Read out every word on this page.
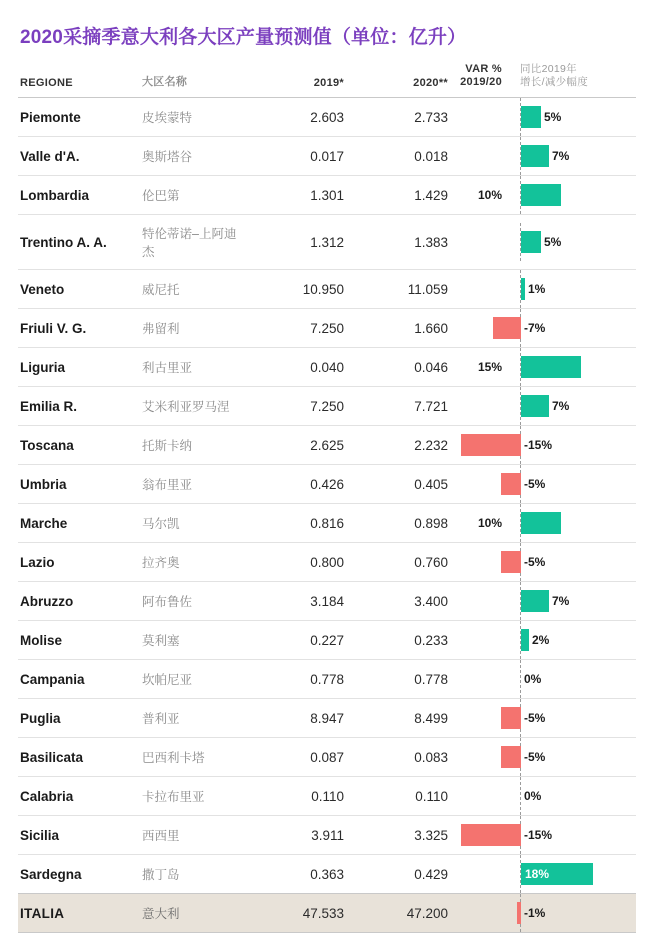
2020采摘季意大利各大区产量预测值（单位：亿升）
REGIONE	大区名称	2019*	2020**	
VAR %
2019/20

同比2019年
增长/减少幅度

Piemonte	皮埃蒙特	2.603	2.733		5%

Valle d'A.	奥斯塔谷	0.017	0.018		7%

Lombardia	伦巴第	1.301	1.429	10%	

Trentino A. A.	特伦蒂诺–上阿迪杰	1.312	1.383		5%

Veneto	威尼托	10.950	11.059		1%

Friuli V. G.	弗留利	7.250	1.660		-7%

Liguria	利古里亚	0.040	0.046	15%	

Emilia R.	艾米利亚罗马涅	7.250	7.721		7%

Toscana	托斯卡纳	2.625	2.232		-15%

Umbria	翁布里亚	0.426	0.405		-5%

Marche	马尔凯	0.816	0.898	10%	

Lazio	拉齐奥	0.800	0.760		-5%

Abruzzo	阿布鲁佐	3.184	3.400		7%

Molise	莫利塞	0.227	0.233		2%

Campania	坎帕尼亚	0.778	0.778		0%

Puglia	普利亚	8.947	8.499		-5%

Basilicata	巴西利卡塔	0.087	0.083		-5%

Calabria	卡拉布里亚	0.110	0.110		0%

Sicilia	西西里	3.911	3.325		-15%

Sardegna	撒丁岛	0.363	0.429		18%

ITALIA	意大利	47.533	47.200		-1%
